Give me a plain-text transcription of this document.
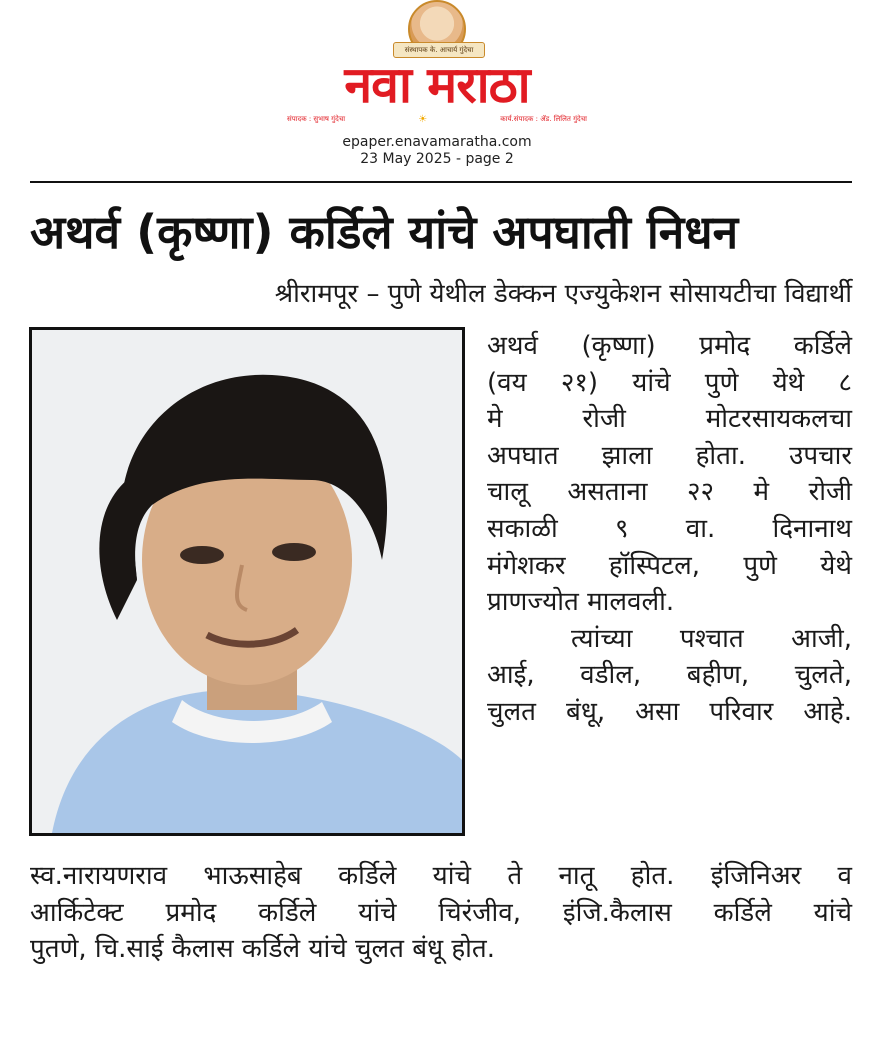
संस्थापक के. आचार्य गुंदेचा
नवा मराठा
संपादक : सुभाष गुंदेचा	☀	कार्य.संपादक : ॲड. लिलित गुंदेचा
epaper.enavamaratha.com
23 May 2025 - page 2
अथर्व (कृष्णा) कर्डिले यांचे अपघाती निधन
श्रीरामपूर – पुणे येथील डेक्कन एज्युकेशन सोसायटीचा विद्यार्थी
अथर्व (कृष्णा) प्रमोद कर्डिले
(वय २१) यांचे पुणे येथे ८
मे रोजी मोटरसायकलचा
अपघात झाला होता. उपचार
चालू असताना २२ मे रोजी
सकाळी ९ वा. दिनानाथ
मंगेशकर हॉस्पिटल, पुणे येथे
प्राणज्योत मालवली.
त्यांच्या पश्चात आजी,
आई, वडील, बहीण, चुलते,
चुलत बंधू, असा परिवार आहे.
स्व.नारायणराव भाऊसाहेब कर्डिले यांचे ते नातू होत. इंजिनिअर व
आर्किटेक्ट प्रमोद कर्डिले यांचे चिरंजीव, इंजि.कैलास कर्डिले यांचे
पुतणे, चि.साई कैलास कर्डिले यांचे चुलत बंधू होत.
